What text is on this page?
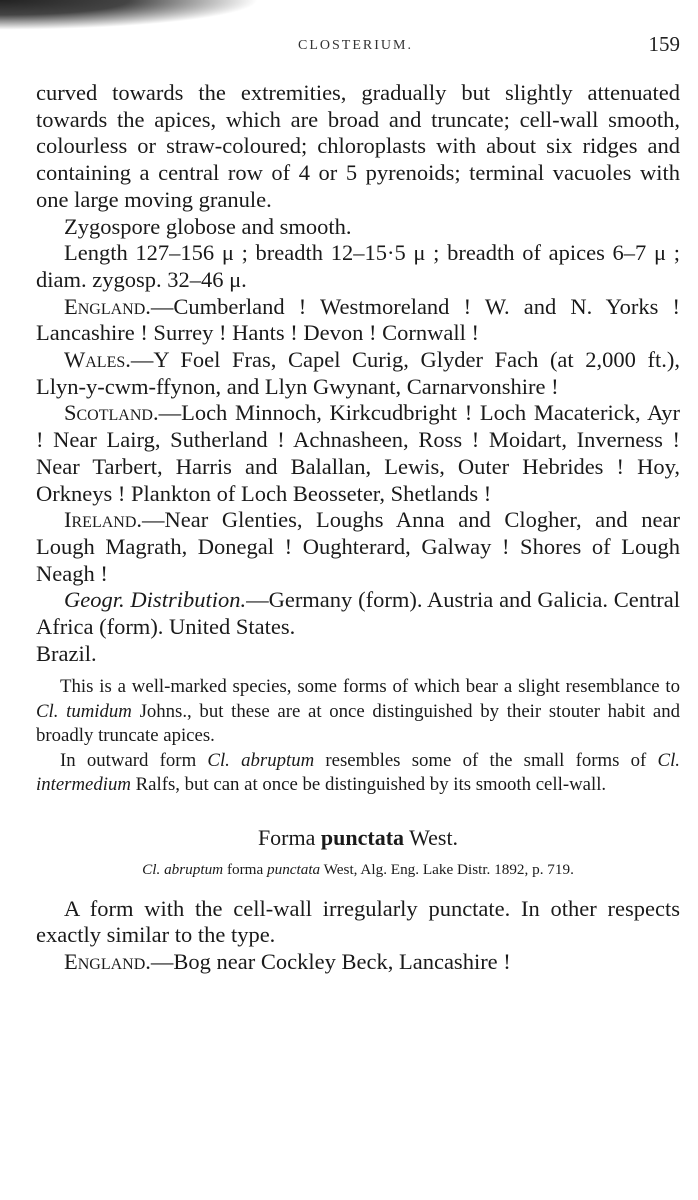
CLOSTERIUM.	159

curved towards the extremities, gradually but slightly attenuated towards the apices, which are broad and truncate; cell-wall smooth, colourless or straw-coloured; chloroplasts with about six ridges and containing a central row of 4 or 5 pyrenoids; terminal vacuoles with one large moving granule.

Zygospore globose and smooth.

Length 127–156 μ ; breadth 12–15·5 μ ; breadth of apices 6–7 μ ; diam. zygosp. 32–46 μ.

England.—Cumberland ! Westmoreland ! W. and N. Yorks ! Lancashire ! Surrey ! Hants ! Devon ! Cornwall !

Wales.—Y Foel Fras, Capel Curig, Glyder Fach (at 2,000 ft.), Llyn-y-cwm-ffynon, and Llyn Gwynant, Carnarvonshire !

Scotland.—Loch Minnoch, Kirkcudbright ! Loch Macaterick, Ayr ! Near Lairg, Sutherland ! Achnasheen, Ross ! Moidart, Inverness ! Near Tarbert, Harris and Balallan, Lewis, Outer Hebrides ! Hoy, Orkneys ! Plankton of Loch Beosseter, Shetlands !

Ireland.—Near Glenties, Loughs Anna and Clogher, and near Lough Magrath, Donegal ! Oughterard, Galway ! Shores of Lough Neagh !

Geogr. Distribution.—Germany (form). Austria and Galicia. Central Africa (form). United States.
Brazil.

This is a well-marked species, some forms of which bear a slight resemblance to Cl. tumidum Johns., but these are at once distinguished by their stouter habit and broadly truncate apices.

In outward form Cl. abruptum resembles some of the small forms of Cl. intermedium Ralfs, but can at once be distinguished by its smooth cell-wall.

Forma punctata West.
Cl. abruptum forma punctata West, Alg. Eng. Lake Distr. 1892, p. 719.

A form with the cell-wall irregularly punctate. In other respects exactly similar to the type.

England.—Bog near Cockley Beck, Lancashire !
